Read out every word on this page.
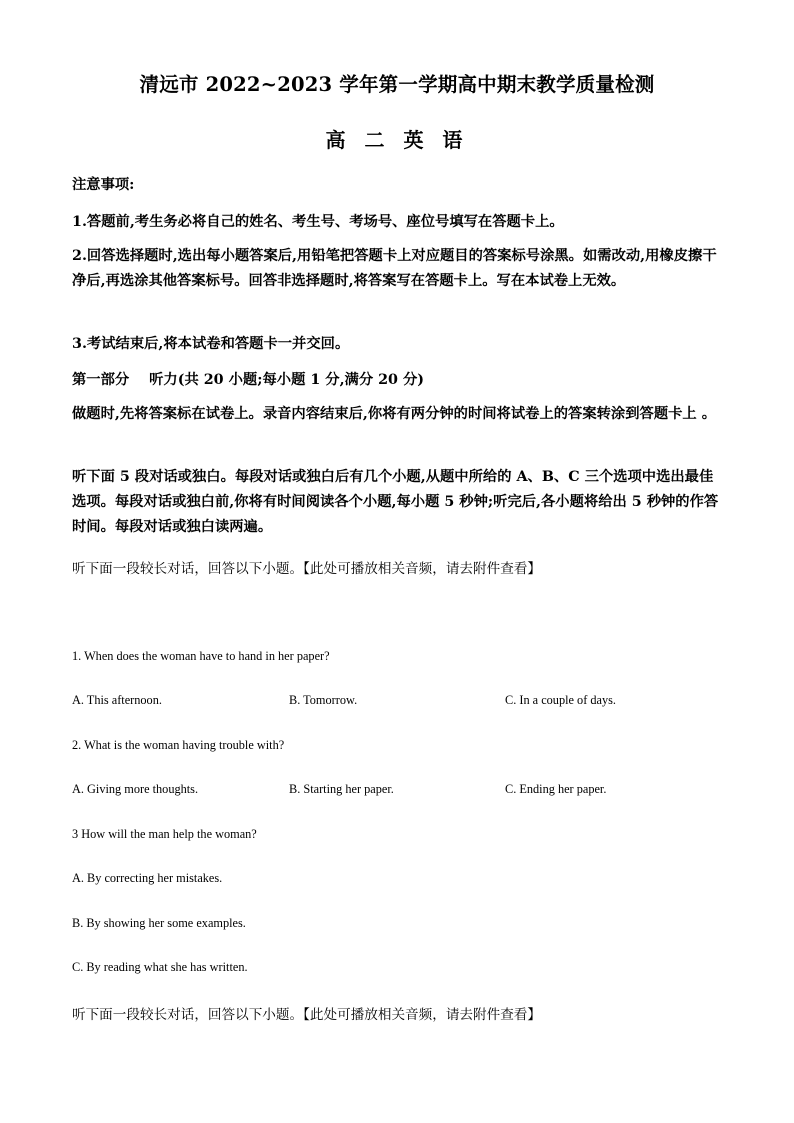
清远市 2022~2023 学年第一学期高中期末教学质量检测
高 二 英 语
注意事项:
1.答题前,考生务必将自己的姓名、考生号、考场号、座位号填写在答题卡上。
2.回答选择题时,选出每小题答案后,用铅笔把答题卡上对应题目的答案标号涂黑。如需改动,用橡皮擦干净后,再选涂其他答案标号。回答非选择题时,将答案写在答题卡上。写在本试卷上无效。
3.考试结束后,将本试卷和答题卡一并交回。
第一部分    听力(共 20 小题;每小题 1 分,满分 20 分)
做题时,先将答案标在试卷上。录音内容结束后,你将有两分钟的时间将试卷上的答案转涂到答题卡上 。
听下面 5 段对话或独白。每段对话或独白后有几个小题,从题中所给的 A、B、C 三个选项中选出最佳选项。每段对话或独白前,你将有时间阅读各个小题,每小题 5 秒钟;听完后,各小题将给出 5 秒钟的作答时间。每段对话或独白读两遍。
听下面一段较长对话，回答以下小题。【此处可播放相关音频，请去附件查看】
1. When does the woman have to hand in her paper?
A. This afternoon.	B. Tomorrow.	C. In a couple of days.
2. What is the woman having trouble with?
A. Giving more thoughts.	B. Starting her paper.	C. Ending her paper.
3 How will the man help the woman?
A. By correcting her mistakes.
B. By showing her some examples.
C. By reading what she has written.
听下面一段较长对话，回答以下小题。【此处可播放相关音频，请去附件查看】
